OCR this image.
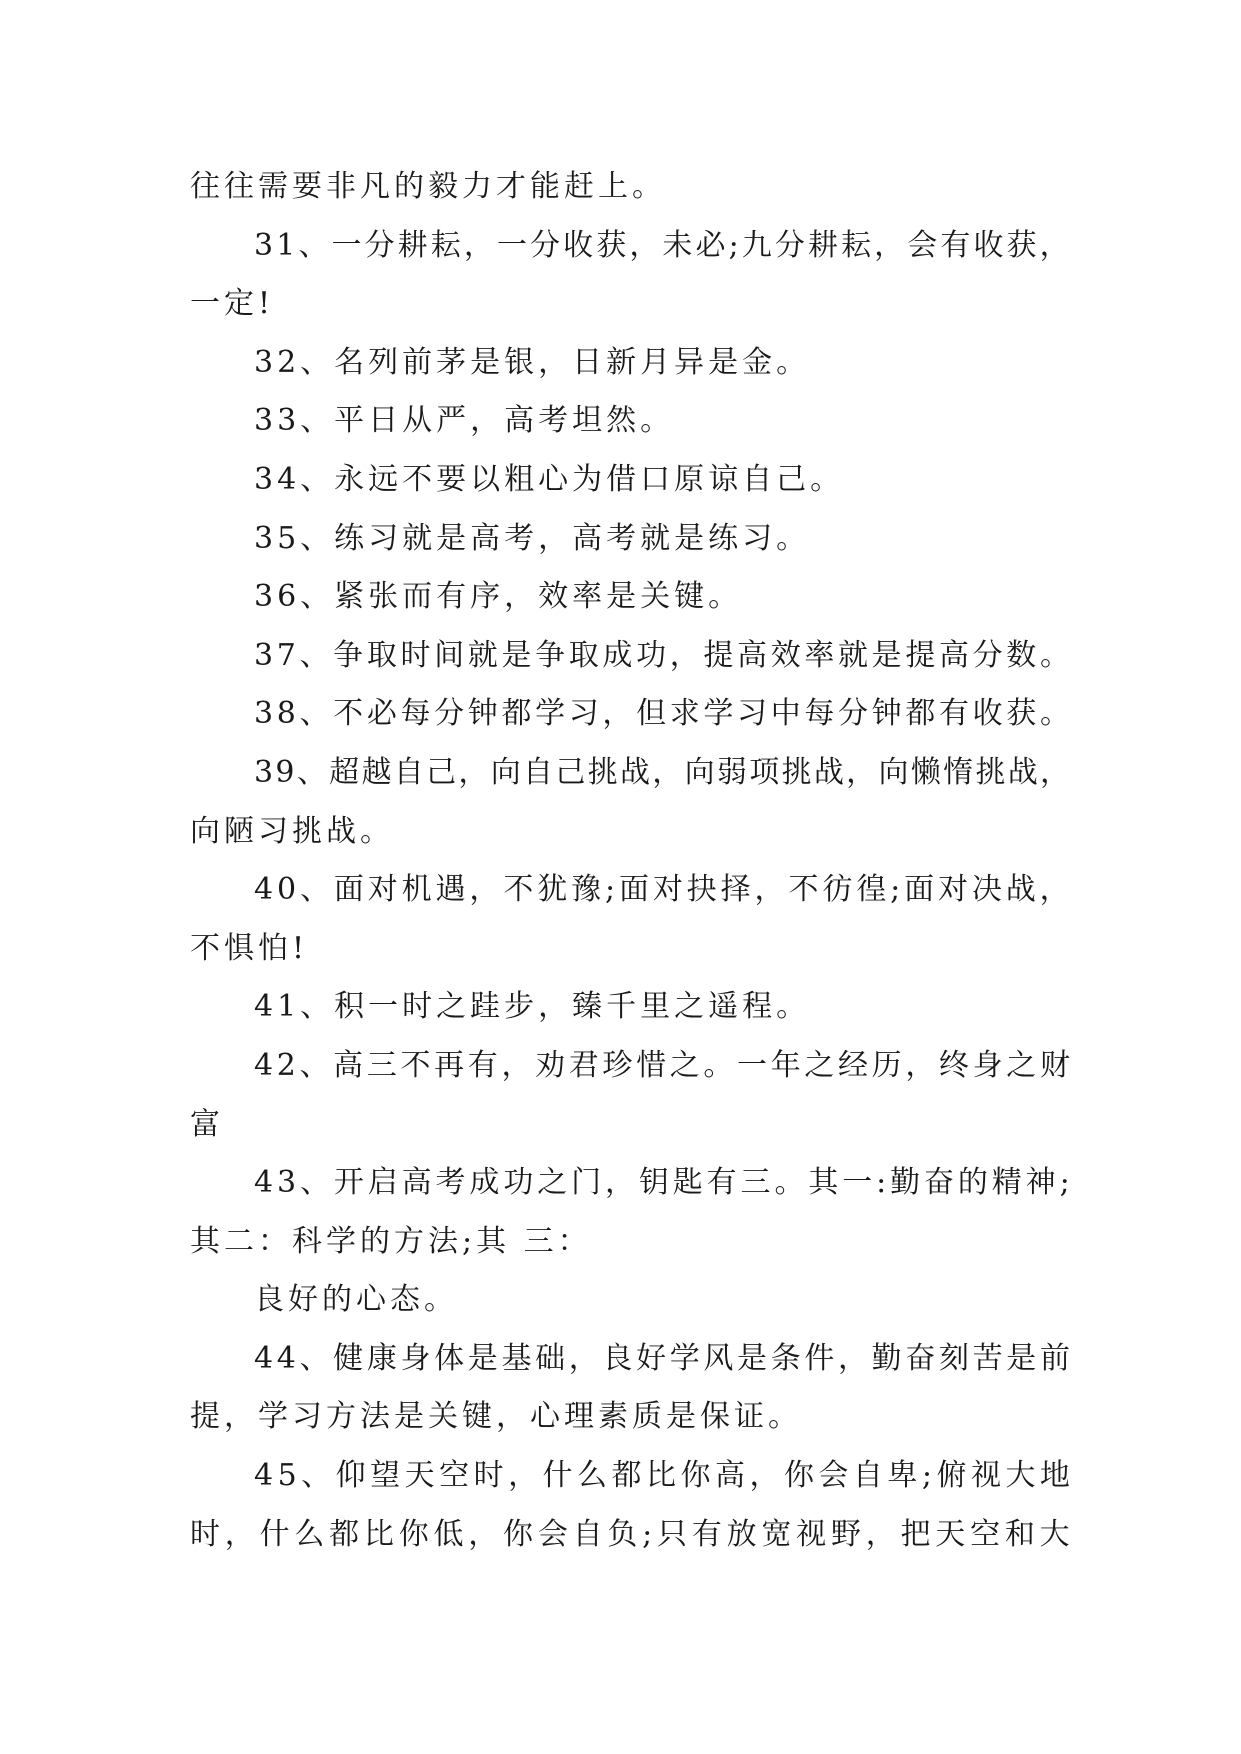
往往需要非凡的毅力才能赶上。
3 1 、 一 分 耕 耘 ， 一 分 收 获 ， 未 必 ; 九 分 耕 耘 ， 会 有 收 获 ，
一定!
32、名列前茅是银，日新月异是金。
33、平日从严，高考坦然。
34、永远不要以粗心为借口原谅自己。
35、练习就是高考，高考就是练习。
36、紧张而有序，效率是关键。
3 7 、 争 取 时 间 就 是 争 取 成 功 ， 提 高 效 率 就 是 提 高 分 数 。
3 8 、 不 必 每 分 钟 都 学 习 ， 但 求 学 习 中 每 分 钟 都 有 收 获 。
3 9 、 超 越 自 己 ， 向 自 己 挑 战 ， 向 弱 项 挑 战 ， 向 懒 惰 挑 战 ，
向陋习挑战。
4 0 、 面 对 机 遇 ， 不 犹 豫 ; 面 对 抉 择 ， 不 彷 徨 ; 面 对 决 战 ，
不惧怕!
41、积一时之跬步，臻千里之遥程。
4 2 、 高 三 不 再 有 ， 劝 君 珍 惜 之 。 一 年 之 经 历 ， 终 身 之 财
富
4 3 、 开 启 高 考 成 功 之 门 ， 钥 匙 有 三 。 其 一 : 勤 奋 的 精 神 ;
其二：科学的方法;其 三：
良好的心态。
4 4 、 健 康 身 体 是 基 础 ， 良 好 学 风 是 条 件 ， 勤 奋 刻 苦 是 前
提，学习方法是关键，心理素质是保证。
4 5 、 仰 望 天 空 时 ， 什 么 都 比 你 高 ， 你 会 自 卑 ; 俯 视 大 地
时 ， 什 么 都 比 你 低 ， 你 会 自 负 ; 只 有 放 宽 视 野 ， 把 天 空 和 大
